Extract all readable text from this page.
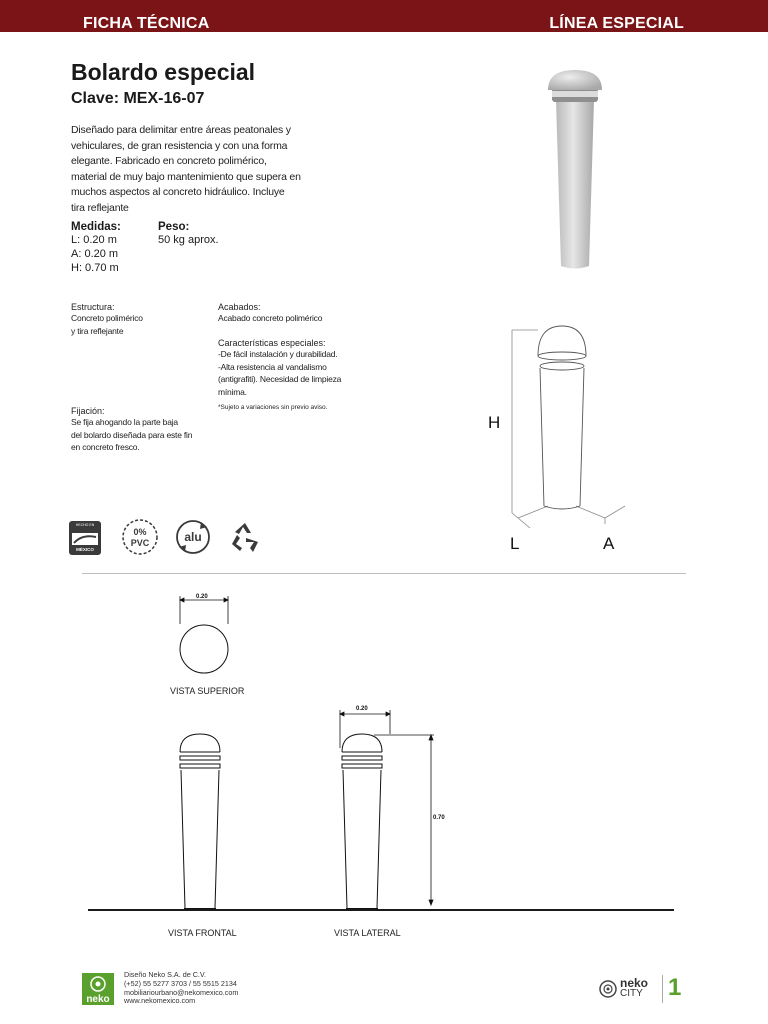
FICHA TÉCNICA	LÍNEA ESPECIAL
Bolardo especial
Clave: MEX-16-07
Diseñado para delimitar entre áreas peatonales y vehiculares, de gran resistencia y con una forma elegante. Fabricado en concreto polimérico, material de muy bajo mantenimiento que supera en muchos aspectos al concreto hidráulico. Incluye tira reflejante
Medidas:
L: 0.20 m
A: 0.20 m
H: 0.70 m
Peso:
50 kg aprox.
Estructura:
Concreto polimérico
y tira reflejante
Acabados:
Acabado concreto polimérico
Características especiales:
-De fácil instalación y durabilidad.
-Alta resistencia al vandalismo
(antigrafiti). Necesidad de limpieza
mínima.
*Sujeto a variaciones sin previo aviso.
Fijación:
Se fija ahogando la parte baja
del bolardo diseñada para este fin
en concreto fresco.
H
L	A
HECHO EN
MÉXICO
0%
PVC	alu
0.20
VISTA SUPERIOR
VISTA FRONTAL
0.20
0.70
VISTA LATERAL
neko
Diseño Neko S.A. de C.V.
(+52) 55 5277 3703 / 55 5515 2134
mobiliariourbano@nekomexico.com
www.nekomexico.com
neko
CITY 1
